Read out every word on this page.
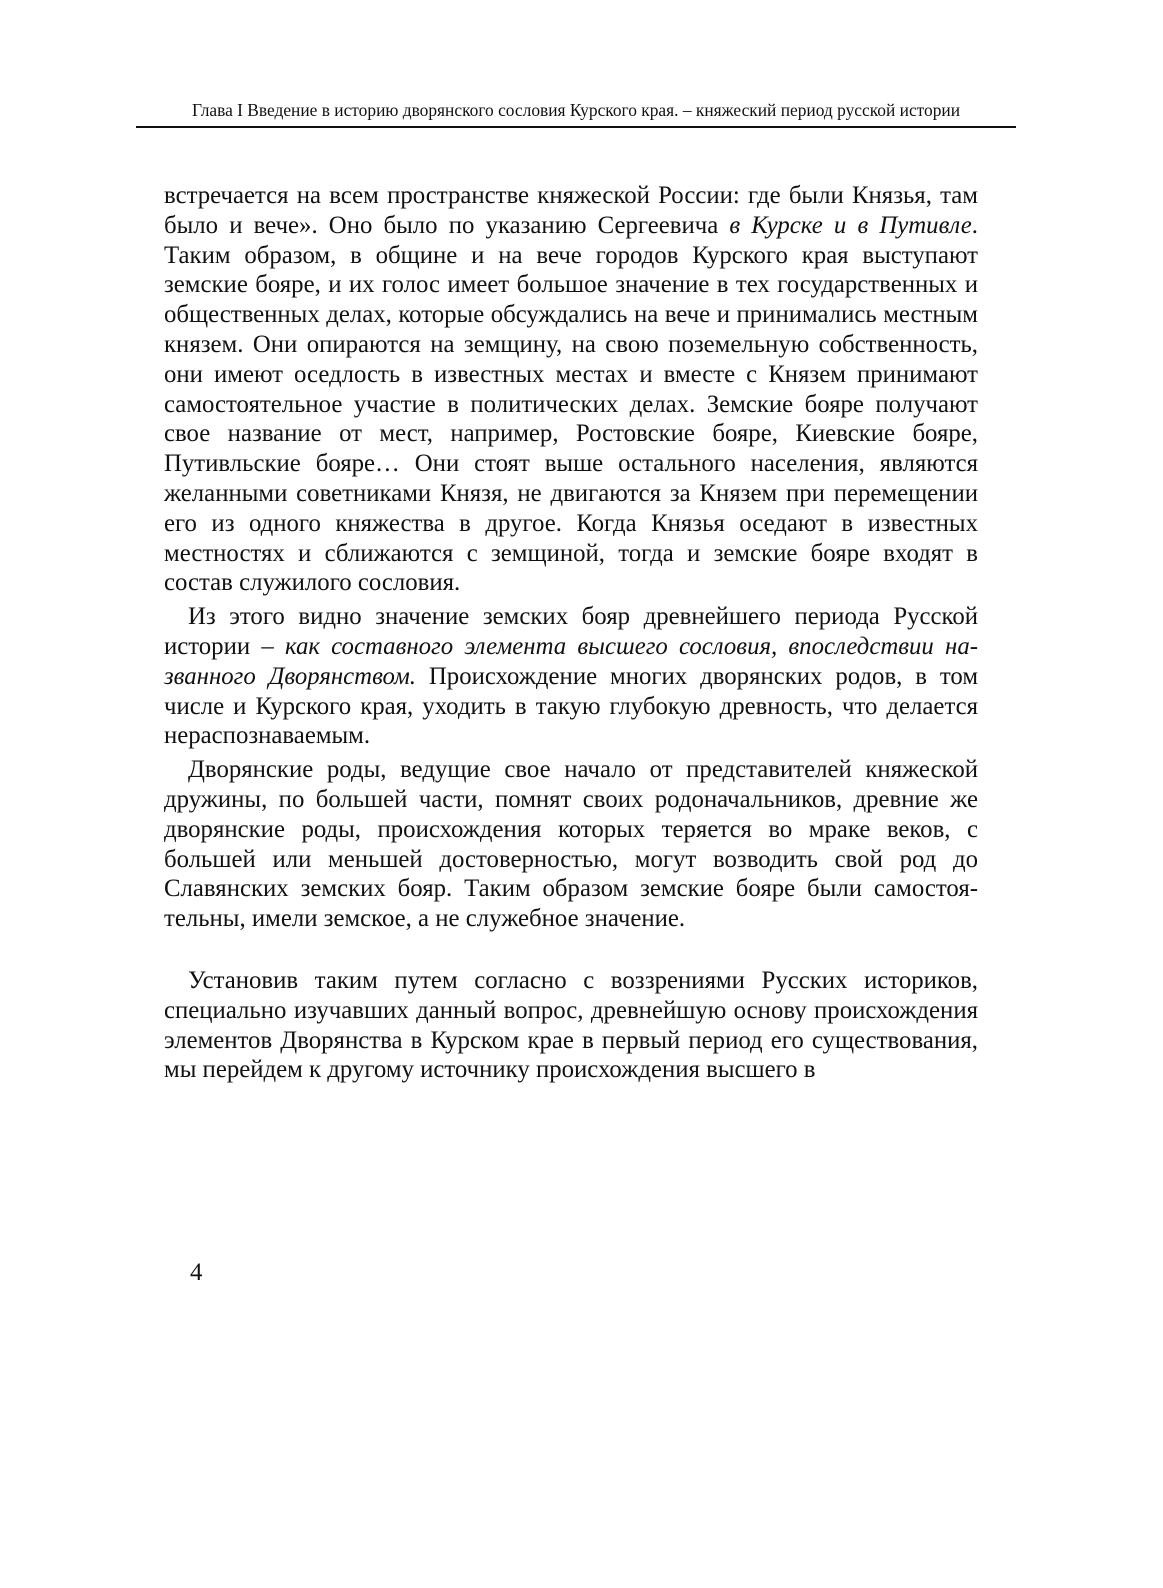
Глава I Введение в историю дворянского сословия Курского края. – княжеский период русской истории

встречается на всем пространстве княжеской России: где были Князья, там было и вече». Оно было по указанию Сергеевича в Курске и в Путивле. Таким образом, в общине и на вече городов Курского края выступают земские бояре, и их голос имеет большое значение в тех государственных и общественных делах, которые обсуждались на вече и принимались местным князем. Они опираются на земщину, на свою поземельную собственность, они имеют оседлость в известных местах и вместе с Князем принимают самостоятельное участие в политических делах. Земские бояре получают свое название от мест, например, Ростовские бояре, Киевские бояре, Путивльские бояре… Они стоят выше остального населения, являются желанными советниками Князя, не двигаются за Князем при перемещении его из одного княжества в другое. Когда Князья оседают в известных местностях и сближаются с земщиной, тогда и земские бояре входят в состав служилого сословия.

Из этого видно значение земских бояр древнейшего периода Русской истории – как составного элемента высшего сословия, впоследствии названного Дворянством. Происхождение многих дворянских родов, в том числе и Курского края, уходить в такую глубокую древность, что делается нераспознаваемым.

Дворянские роды, ведущие свое начало от представителей княжеской дружины, по большей части, помнят своих родоначальников, древние же дворянские роды, происхождения которых теряется во мраке веков, с большей или меньшей достоверностью, могут возводить свой род до Славянских земских бояр. Таким образом земские бояре были самостоятельны, имели земское, а не служебное значение.

Установив таким путем согласно с воззрениями Русских историков, специально изучавших данный вопрос, древнейшую основу происхождения элементов Дворянства в Курском крае в первый период его существования, мы перейдем к другому источнику происхождения высшего в

4
